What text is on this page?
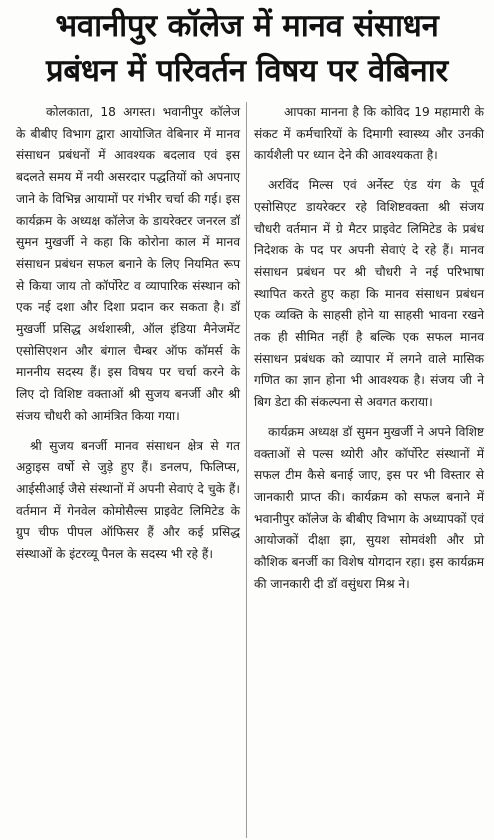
भवानीपुर कॉलेज में मानव संसाधन
प्रबंधन में परिवर्तन विषय पर वेबिनार

कोलकाता, 18 अगस्त। भवानीपुर कॉलेज के बीबीए विभाग द्वारा आयोजित वेबिनार में मानव संसाधन प्रबंधनों में आवश्यक बदलाव एवं इस बदलते समय में नयी असरदार पद्धतियों को अपनाए जाने के विभिन्न आयामों पर गंभीर चर्चा की गई। इस कार्यक्रम के अध्यक्ष कॉलेज के डायरेक्टर जनरल डॉ सुमन मुखर्जी ने कहा कि कोरोना काल में मानव संसाधन प्रबंधन सफल बनाने के लिए नियमित रूप से किया जाय तो कॉर्पोरेट व व्यापारिक संस्थान को एक नई दशा और दिशा प्रदान कर सकता है। डॉ मुखर्जी प्रसिद्ध अर्थशास्त्री, ऑल इंडिया मैनेजमेंट एसोसिएशन और बंगाल चैम्बर ऑफ कॉमर्स के माननीय सदस्य हैं। इस विषय पर चर्चा करने के लिए दो विशिष्ट वक्ताओं श्री सुजय बनर्जी और श्री संजय चौधरी को आमंत्रित किया गया।

श्री सुजय बनर्जी मानव संसाधन क्षेत्र से गत अठ्ठाइस वर्षो से जुड़े हुए हैं। डनलप, फिलिप्स, आईसीआई जैसे संस्थानों में अपनी सेवाएं दे चुके हैं। वर्तमान में गेनवेल कोमोसैल्स प्राइवेट लिमिटेड के ग्रुप चीफ पीपल ऑफिसर हैं और कई प्रसिद्ध संस्थाओं के इंटरव्यू पैनल के सदस्य भी रहे हैं।

आपका मानना है कि कोविद 19 महामारी के संकट में कर्मचारियों के दिमागी स्वास्थ्य और उनकी कार्यशैली पर ध्यान देने की आवश्यकता है।

अरविंद मिल्स एवं अर्नेस्ट एंड यंग के पूर्व एसोसिएट डायरेक्टर रहे विशिष्टवक्ता श्री संजय चौधरी वर्तमान में ग्रे मैटर प्राइवेट लिमिटेड के प्रबंध निदेशक के पद पर अपनी सेवाएं दे रहे हैं। मानव संसाधन प्रबंधन पर श्री चौधरी ने नई परिभाषा स्थापित करते हुए कहा कि मानव संसाधन प्रबंधन एक व्यक्ति के साहसी होने या साहसी भावना रखने तक ही सीमित नहीं है बल्कि एक सफल मानव संसाधन प्रबंधक को व्यापार में लगने वाले मासिक गणित का ज्ञान होना भी आवश्यक है। संजय जी ने बिग डेटा की संकल्पना से अवगत कराया।

कार्यक्रम अध्यक्ष डॉ सुमन मुखर्जी ने अपने विशिष्ट वक्ताओं से पल्स थ्योरी और कॉर्पोरेट संस्थानों में सफल टीम कैसे बनाई जाए, इस पर भी विस्तार से जानकारी प्राप्त की। कार्यक्रम को सफल बनाने में भवानीपुर कॉलेज के बीबीए विभाग के अध्यापकों एवं आयोजकों दीक्षा झा, सुयश सोमवंशी और प्रो कौशिक बनर्जी का विशेष योगदान रहा। इस कार्यक्रम की जानकारी दी डॉ वसुंधरा मिश्र ने।
